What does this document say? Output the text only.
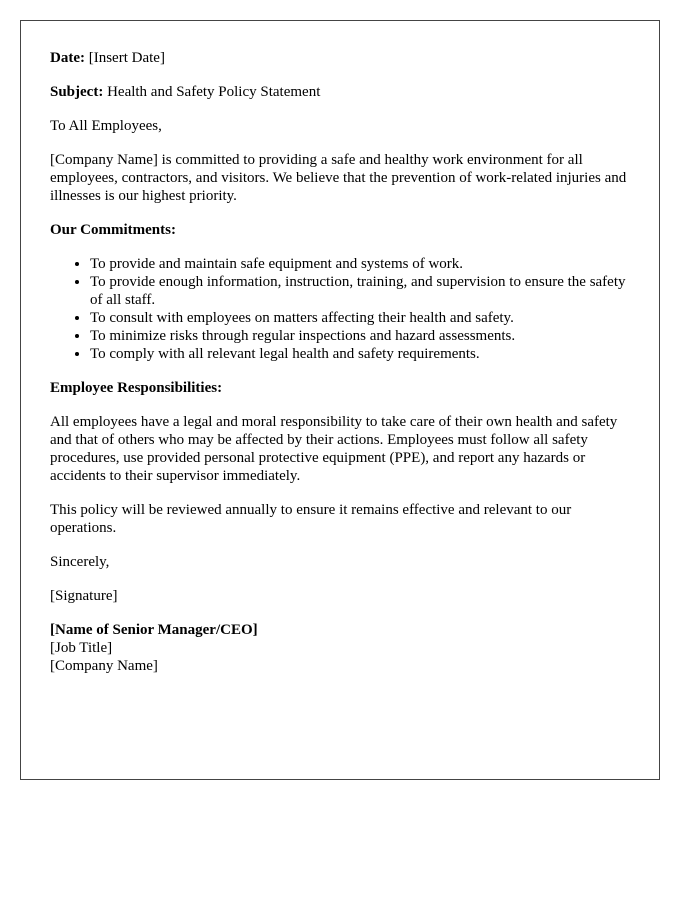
Date: [Insert Date]

Subject: Health and Safety Policy Statement

To All Employees,

[Company Name] is committed to providing a safe and healthy work environment for all employees, contractors, and visitors. We believe that the prevention of work-related injuries and illnesses is our highest priority.

Our Commitments:
• To provide and maintain safe equipment and systems of work.
• To provide enough information, instruction, training, and supervision to ensure the safety of all staff.
• To consult with employees on matters affecting their health and safety.
• To minimize risks through regular inspections and hazard assessments.
• To comply with all relevant legal health and safety requirements.
Employee Responsibilities:

All employees have a legal and moral responsibility to take care of their own health and safety and that of others who may be affected by their actions. Employees must follow all safety procedures, use provided personal protective equipment (PPE), and report any hazards or accidents to their supervisor immediately.

This policy will be reviewed annually to ensure it remains effective and relevant to our operations.

Sincerely,

[Signature]

[Name of Senior Manager/CEO]
[Job Title]
[Company Name]
